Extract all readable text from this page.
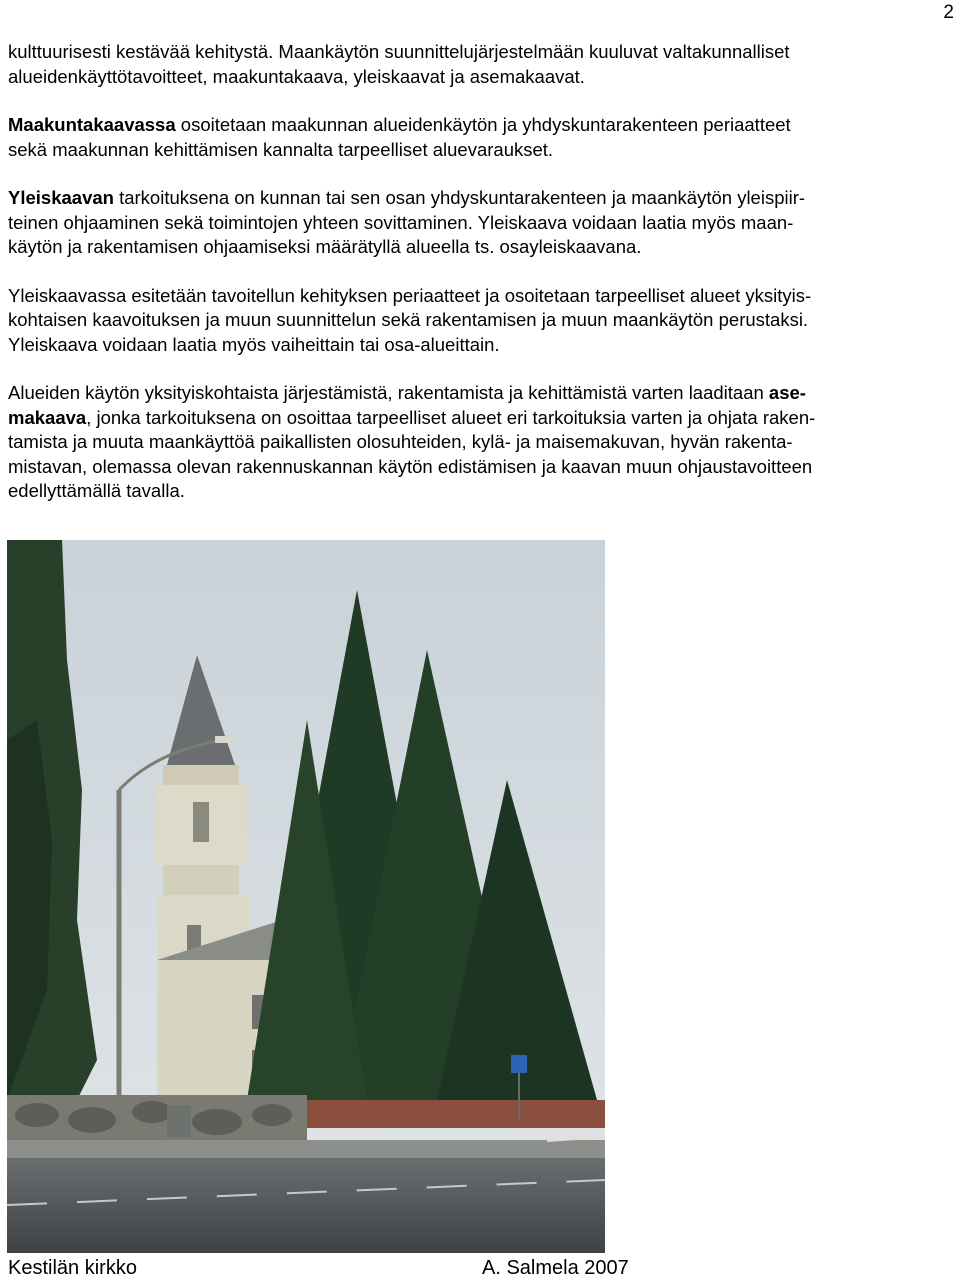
2

kulttuurisesti kestävää kehitystä. Maankäytön suunnittelujärjestelmään kuuluvat valtakunnalliset
alueidenkäyttötavoitteet, maakuntakaava, yleiskaavat ja asemakaavat.

Maakuntakaavassa osoitetaan maakunnan alueidenkäytön ja yhdyskuntarakenteen periaatteet
sekä maakunnan kehittämisen kannalta tarpeelliset aluevaraukset.

Yleiskaavan tarkoituksena on kunnan tai sen osan yhdyskuntarakenteen ja maankäytön yleispiir-
teinen ohjaaminen sekä toimintojen yhteen sovittaminen. Yleiskaava voidaan laatia myös maan-
käytön ja rakentamisen ohjaamiseksi määrätyllä alueella ts. osayleiskaavana.

Yleiskaavassa esitetään tavoitellun kehityksen periaatteet ja osoitetaan tarpeelliset alueet yksityis-
kohtaisen kaavoituksen ja muun suunnittelun sekä rakentamisen ja muun maankäytön perustaksi.
Yleiskaava voidaan laatia myös vaiheittain tai osa-alueittain.

Alueiden käytön yksityiskohtaista järjestämistä, rakentamista ja kehittämistä varten laaditaan ase-
makaava, jonka tarkoituksena on osoittaa tarpeelliset alueet eri tarkoituksia varten ja ohjata raken-
tamista ja muuta maankäyttöä paikallisten olosuhteiden, kylä- ja maisemakuvan, hyvän rakenta-
mistavan, olemassa olevan rakennuskannan käytön edistämisen ja kaavan muun ohjaustavoitteen
edellyttämällä tavalla.

Kestilän kirkko	A. Salmela 2007
